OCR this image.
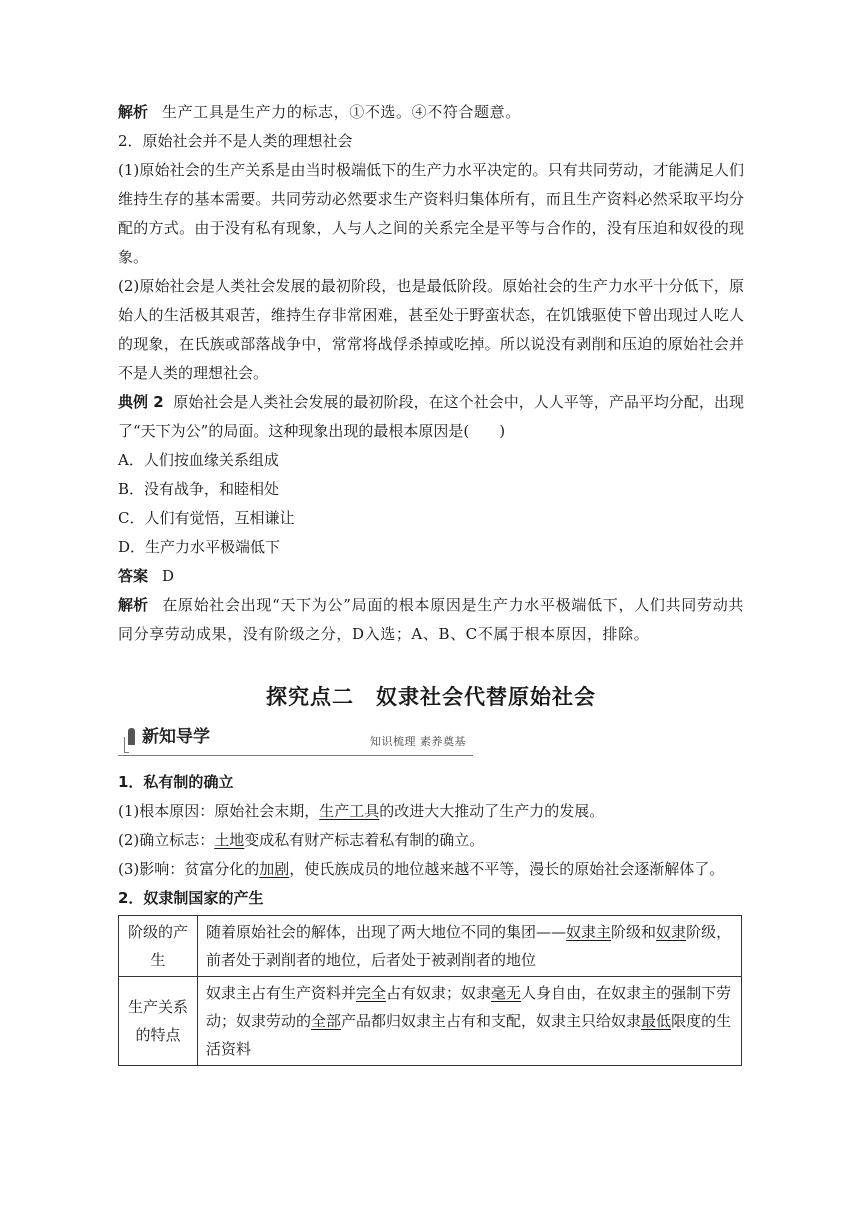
解析 生产工具是生产力的标志，①不选。④不符合题意。

2．原始社会并不是人类的理想社会

(1)原始社会的生产关系是由当时极端低下的生产力水平决定的。只有共同劳动，才能满足人们维持生存的基本需要。共同劳动必然要求生产资料归集体所有，而且生产资料必然采取平均分配的方式。由于没有私有现象，人与人之间的关系完全是平等与合作的，没有压迫和奴役的现象。

(2)原始社会是人类社会发展的最初阶段，也是最低阶段。原始社会的生产力水平十分低下，原始人的生活极其艰苦，维持生存非常困难，甚至处于野蛮状态，在饥饿驱使下曾出现过人吃人的现象，在氏族或部落战争中，常常将战俘杀掉或吃掉。所以说没有剥削和压迫的原始社会并不是人类的理想社会。

典例 2 原始社会是人类社会发展的最初阶段，在这个社会中，人人平等，产品平均分配，出现了“天下为公”的局面。这种现象出现的最根本原因是(　　)

A．人们按血缘关系组成

B．没有战争，和睦相处

C．人们有觉悟，互相谦让

D．生产力水平极端低下

答案 D

解析 在原始社会出现“天下为公”局面的根本原因是生产力水平极端低下，人们共同劳动共同分享劳动成果，没有阶级之分，D入选；A、B、C不属于根本原因，排除。

探究点二　奴隶社会代替原始社会
新知导学	知识梳理 素养奠基

1．私有制的确立

(1)根本原因：原始社会末期，生产工具的改进大大推动了生产力的发展。

(2)确立标志：土地变成私有财产标志着私有制的确立。

(3)影响：贫富分化的加剧，使氏族成员的地位越来越不平等，漫长的原始社会逐渐解体了。

2．奴隶制国家的产生

阶级的产生	随着原始社会的解体，出现了两大地位不同的集团——奴隶主阶级和奴隶阶级，前者处于剥削者的地位，后者处于被剥削者的地位
生产关系的特点	奴隶主占有生产资料并完全占有奴隶；奴隶毫无人身自由，在奴隶主的强制下劳动；奴隶劳动的全部产品都归奴隶主占有和支配，奴隶主只给奴隶最低限度的生活资料
